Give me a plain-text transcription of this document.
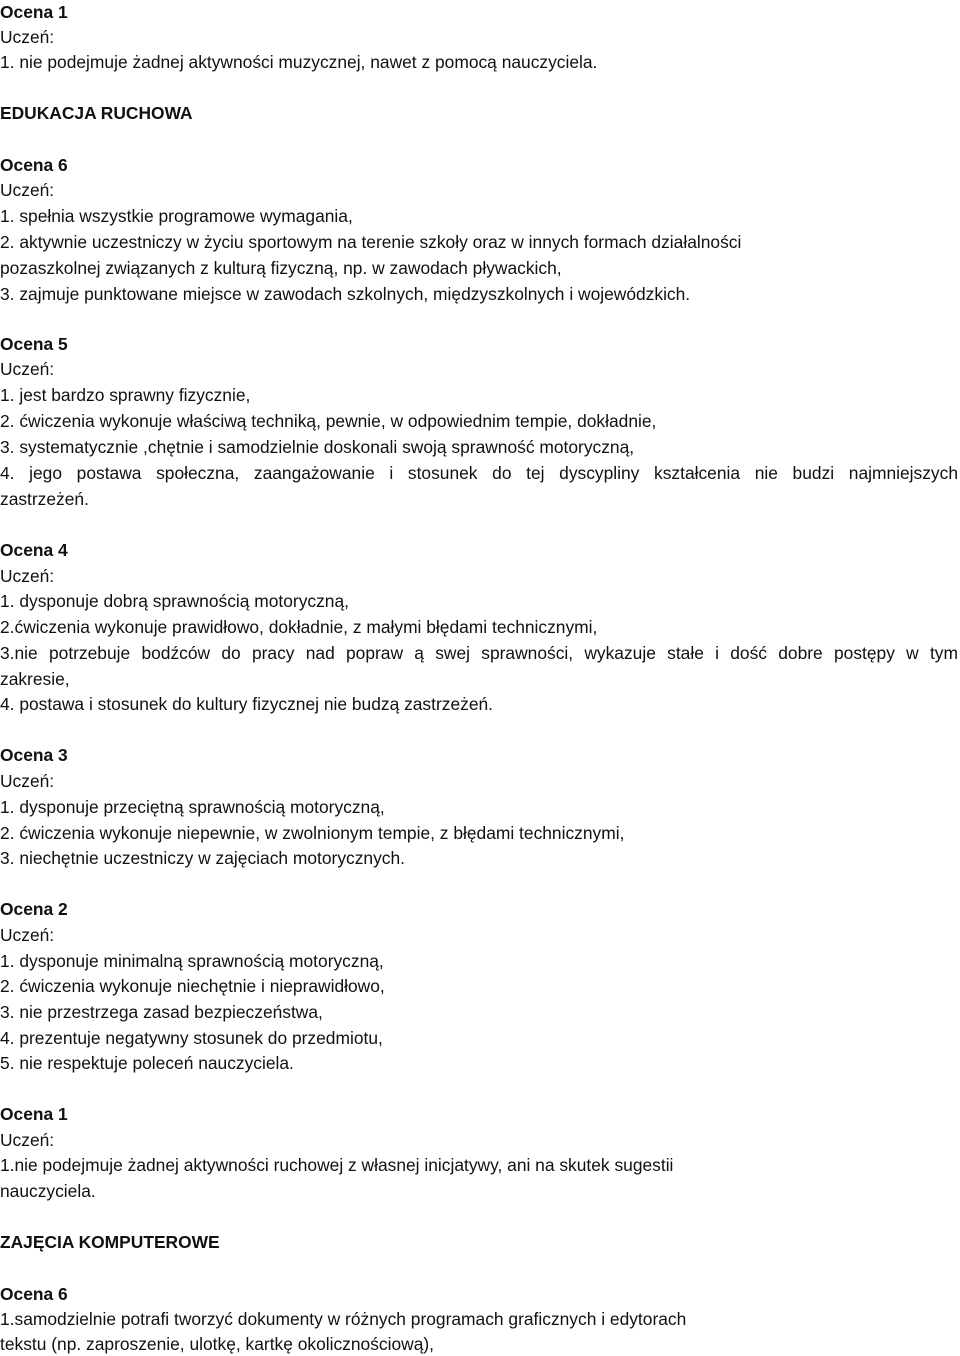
Ocena 1
Uczeń:
1. nie podejmuje żadnej aktywności muzycznej, nawet z pomocą nauczyciela.
EDUKACJA RUCHOWA
Ocena 6
Uczeń:
1. spełnia wszystkie programowe wymagania,
2. aktywnie uczestniczy w życiu sportowym na terenie szkoły oraz w innych formach działalności
pozaszkolnej związanych z kulturą fizyczną, np. w zawodach pływackich,
3. zajmuje punktowane miejsce w zawodach szkolnych, międzyszkolnych i wojewódzkich.
Ocena 5
Uczeń:
1. jest bardzo sprawny fizycznie,
2. ćwiczenia wykonuje właściwą techniką, pewnie, w odpowiednim tempie, dokładnie,
3. systematycznie ,chętnie i samodzielnie doskonali swoją sprawność motoryczną,
4. jego postawa społeczna, zaangażowanie i stosunek do tej dyscypliny kształcenia nie budzi najmniejszych
zastrzeżeń.
Ocena 4
Uczeń:
1. dysponuje dobrą sprawnością motoryczną,
2.ćwiczenia wykonuje prawidłowo, dokładnie, z małymi błędami technicznymi,
3.nie potrzebuje bodźców do pracy nad popraw ą swej sprawności, wykazuje stałe i dość dobre postępy w tym
zakresie,
4. postawa i stosunek do kultury fizycznej nie budzą zastrzeżeń.
Ocena 3
Uczeń:
1. dysponuje przeciętną sprawnością motoryczną,
2. ćwiczenia wykonuje niepewnie, w zwolnionym tempie, z błędami technicznymi,
3. niechętnie uczestniczy w zajęciach motorycznych.
Ocena 2
Uczeń:
1. dysponuje minimalną sprawnością motoryczną,
2. ćwiczenia wykonuje niechętnie i nieprawidłowo,
3. nie przestrzega zasad bezpieczeństwa,
4. prezentuje negatywny stosunek do przedmiotu,
5. nie respektuje poleceń nauczyciela.
Ocena 1
Uczeń:
1.nie podejmuje żadnej aktywności ruchowej z własnej inicjatywy, ani na skutek sugestii
nauczyciela.
ZAJĘCIA KOMPUTEROWE
Ocena 6
1.samodzielnie potrafi tworzyć dokumenty w różnych programach graficznych i edytorach
tekstu (np. zaproszenie, ulotkę, kartkę okolicznościową),
